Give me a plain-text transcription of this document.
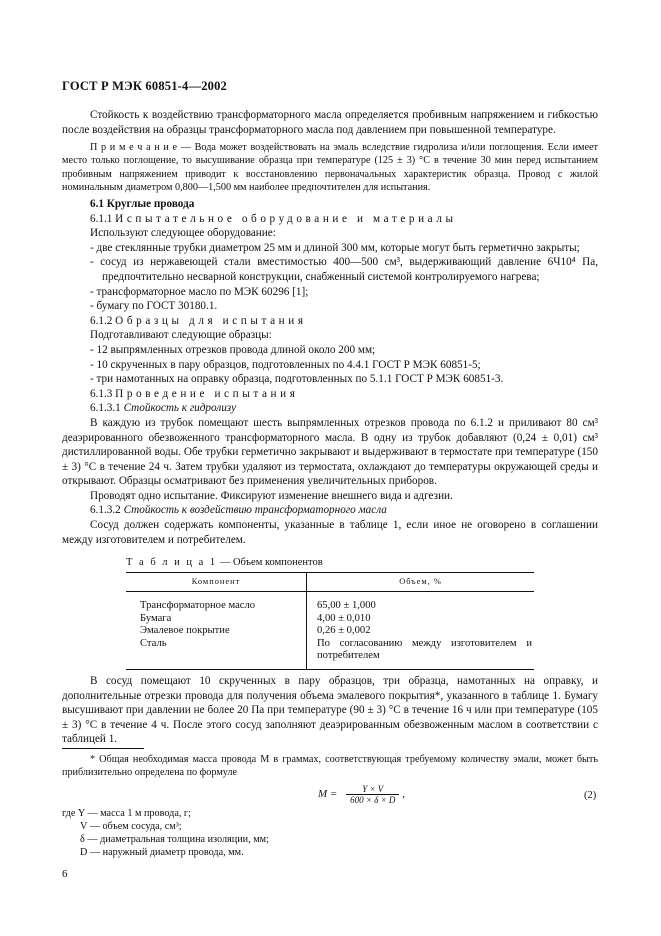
ГОСТ Р МЭК 60851-4—2002

Стойкость к воздействию трансформаторного масла определяется пробивным напряжением и гибкостью после воздействия на образцы трансформаторного масла под давлением при повышенной температуре.

П р и м е ч а н и е — Вода может воздействовать на эмаль вследствие гидролиза и/или поглощения. Если имеет место только поглощение, то высушивание образца при температуре (125 ± 3) °С в течение 30 мин перед испытанием пробивным напряжением приводит к восстановлению первоначальных характеристик образца. Провод с жилой номинальным диаметром 0,800—1,500 мм наиболее предпочтителен для испытания.

6.1 Круглые провода

6.1.1 Испытательное оборудование и материалы

Используют следующее оборудование:

- две стеклянные трубки диаметром 25 мм и длиной 300 мм, которые могут быть герметично закрыты;

- сосуд из нержавеющей стали вместимостью 400—500 см³, выдерживающий давление 6Ч10⁴ Па, предпочтительно несварной конструкции, снабженный системой контролируемого нагрева;

- трансформаторное масло по МЭК 60296 [1];

- бумагу по ГОСТ 30180.1.

6.1.2 Образцы для испытания

Подготавливают следующие образцы:

- 12 выпрямленных отрезков провода длиной около 200 мм;

- 10 скрученных в пару образцов, подготовленных по 4.4.1 ГОСТ Р МЭК 60851-5;

- три намотанных на оправку образца, подготовленных по 5.1.1 ГОСТ Р МЭК 60851-3.

6.1.3 Проведение испытания

6.1.3.1 Стойкость к гидролизу

В каждую из трубок помещают шесть выпрямленных отрезков провода по 6.1.2 и приливают 80 см³ деаэрированного обезвоженного трансформаторного масла. В одну из трубок добавляют (0,24 ± 0,01) см³ дистиллированной воды. Обе трубки герметично закрывают и выдерживают в термостате при температуре (150 ± 3) °С в течение 24 ч. Затем трубки удаляют из термостата, охлаждают до температуры окружающей среды и открывают. Образцы осматривают без применения увеличительных приборов.

Проводят одно испытание. Фиксируют изменение внешнего вида и адгезии.

6.1.3.2 Стойкость к воздействию трансформаторного масла

Сосуд должен содержать компоненты, указанные в таблице 1, если иное не оговорено в соглашении между изготовителем и потребителем.

Т а б л и ц а 1 — Объем компонентов
Компонент	Объем, %
Трансформаторное масло	65,00 ± 1,000
Бумага	4,00 ± 0,010
Эмалевое покрытие	0,26 ± 0,002
Сталь	По согласованию между изготовителем и потребителем

В сосуд помещают 10 скрученных в пару образцов, три образца, намотанных на оправку, и дополнительные отрезки провода для получения объема эмалевого покрытия*, указанного в таблице 1. Бумагу высушивают при давлении не более 20 Па при температуре (90 ± 3) °С в течение 16 ч или при температуре (105 ± 3) °С в течение 4 ч. После этого сосуд заполняют деаэрированным обезвоженным маслом в соответствии с таблицей 1.

* Общая необходимая масса провода M в граммах, соответствующая требуемому количеству эмали, может быть приблизительно определена по формуле

$M = \frac{Y \times V}{600 \times \delta \times D}$ ,	(2)
где Y — масса 1 м провода, г;
V — объем сосуда, см³;
δ — диаметральная толщина изоляции, мм;
D — наружный диаметр провода, мм.
6
